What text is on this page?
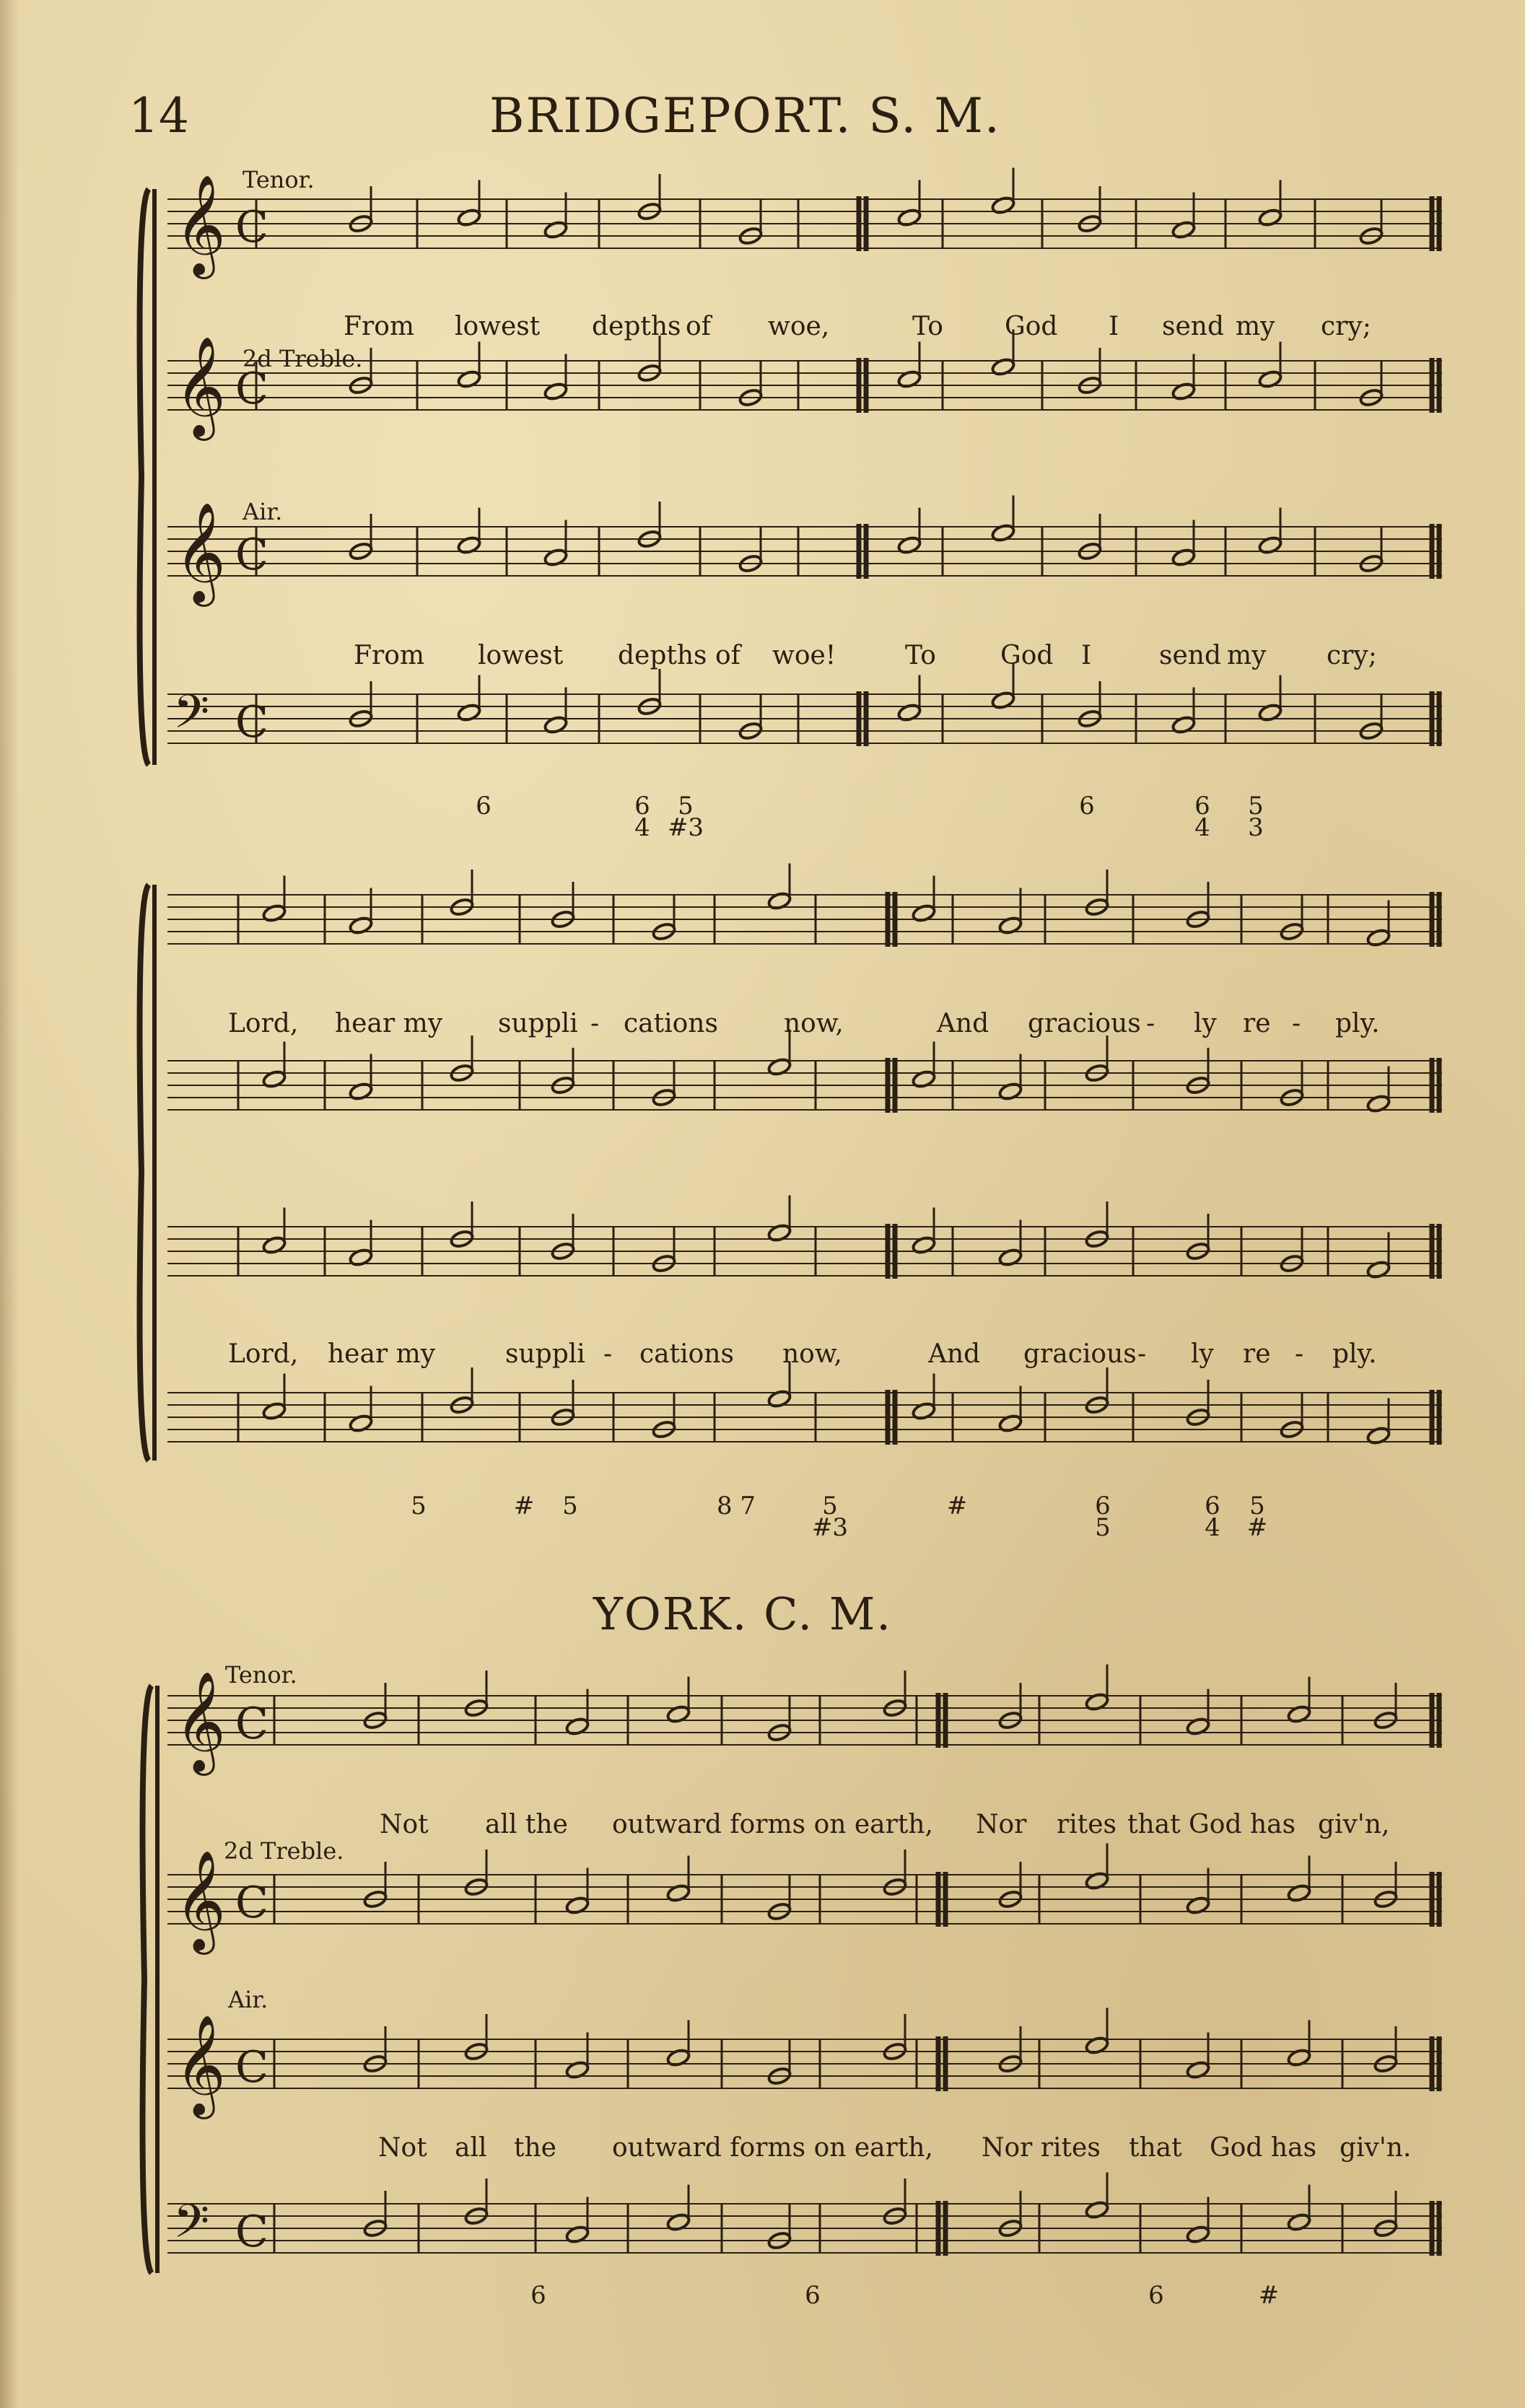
14	BRIDGEPORT. S. M.
𝄞 C
𝄞 C
𝄞 C
𝄢 C
𝄞 C
𝄞 C
𝄞 C
𝄢 C
Tenor.
2d Treble.
Air.
From lowest depths of woe,	To God I send my cry;
From lowest depths of woe!	To God I	send my cry;
6	6
4
5
#3
6	6
4
5
3
Lord, hear my suppli - cations	now,	And gracious - ly re - ply.
Lord, hear my	suppli - cations now,	And gracious - ly re - ply.
5	#	5	8 7	5
#3
#	6
5
6
4
5
#
YORK. C. M.
Tenor.
2d Treble.
Air.
Not all the outward forms on earth, Nor rites that God has giv'n,
Not all the outward forms on earth, Nor rites that God has giv'n.
6	6	6	#
